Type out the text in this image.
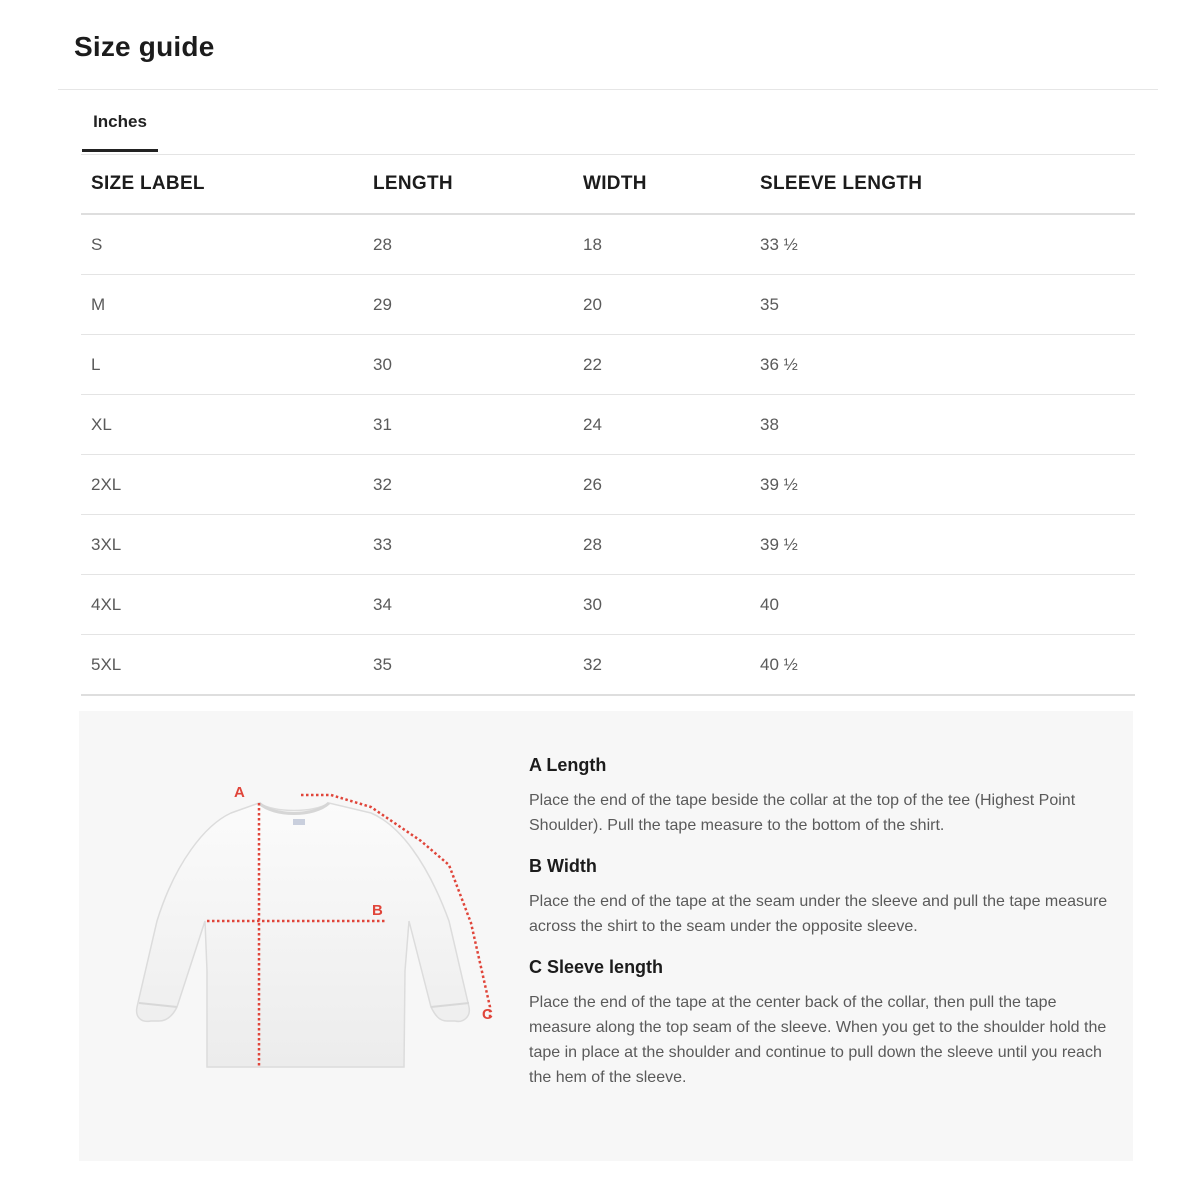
Size guide
Inches
SIZE LABEL	LENGTH	WIDTH	SLEEVE LENGTH
S	28	18	33 ½
M	29	20	35
L	30	22	36 ½
XL	31	24	38
2XL	32	26	39 ½
3XL	33	28	39 ½
4XL	34	30	40
5XL	35	32	40 ½
A
B
C
A Length

Place the end of the tape beside the collar at the top of the tee (Highest Point Shoulder). Pull the tape measure to the bottom of the shirt.

B Width

Place the end of the tape at the seam under the sleeve and pull the tape measure across the shirt to the seam under the opposite sleeve.

C Sleeve length

Place the end of the tape at the center back of the collar, then pull the tape measure along the top seam of the sleeve. When you get to the shoulder hold the tape in place at the shoulder and continue to pull down the sleeve until you reach the hem of the sleeve.
